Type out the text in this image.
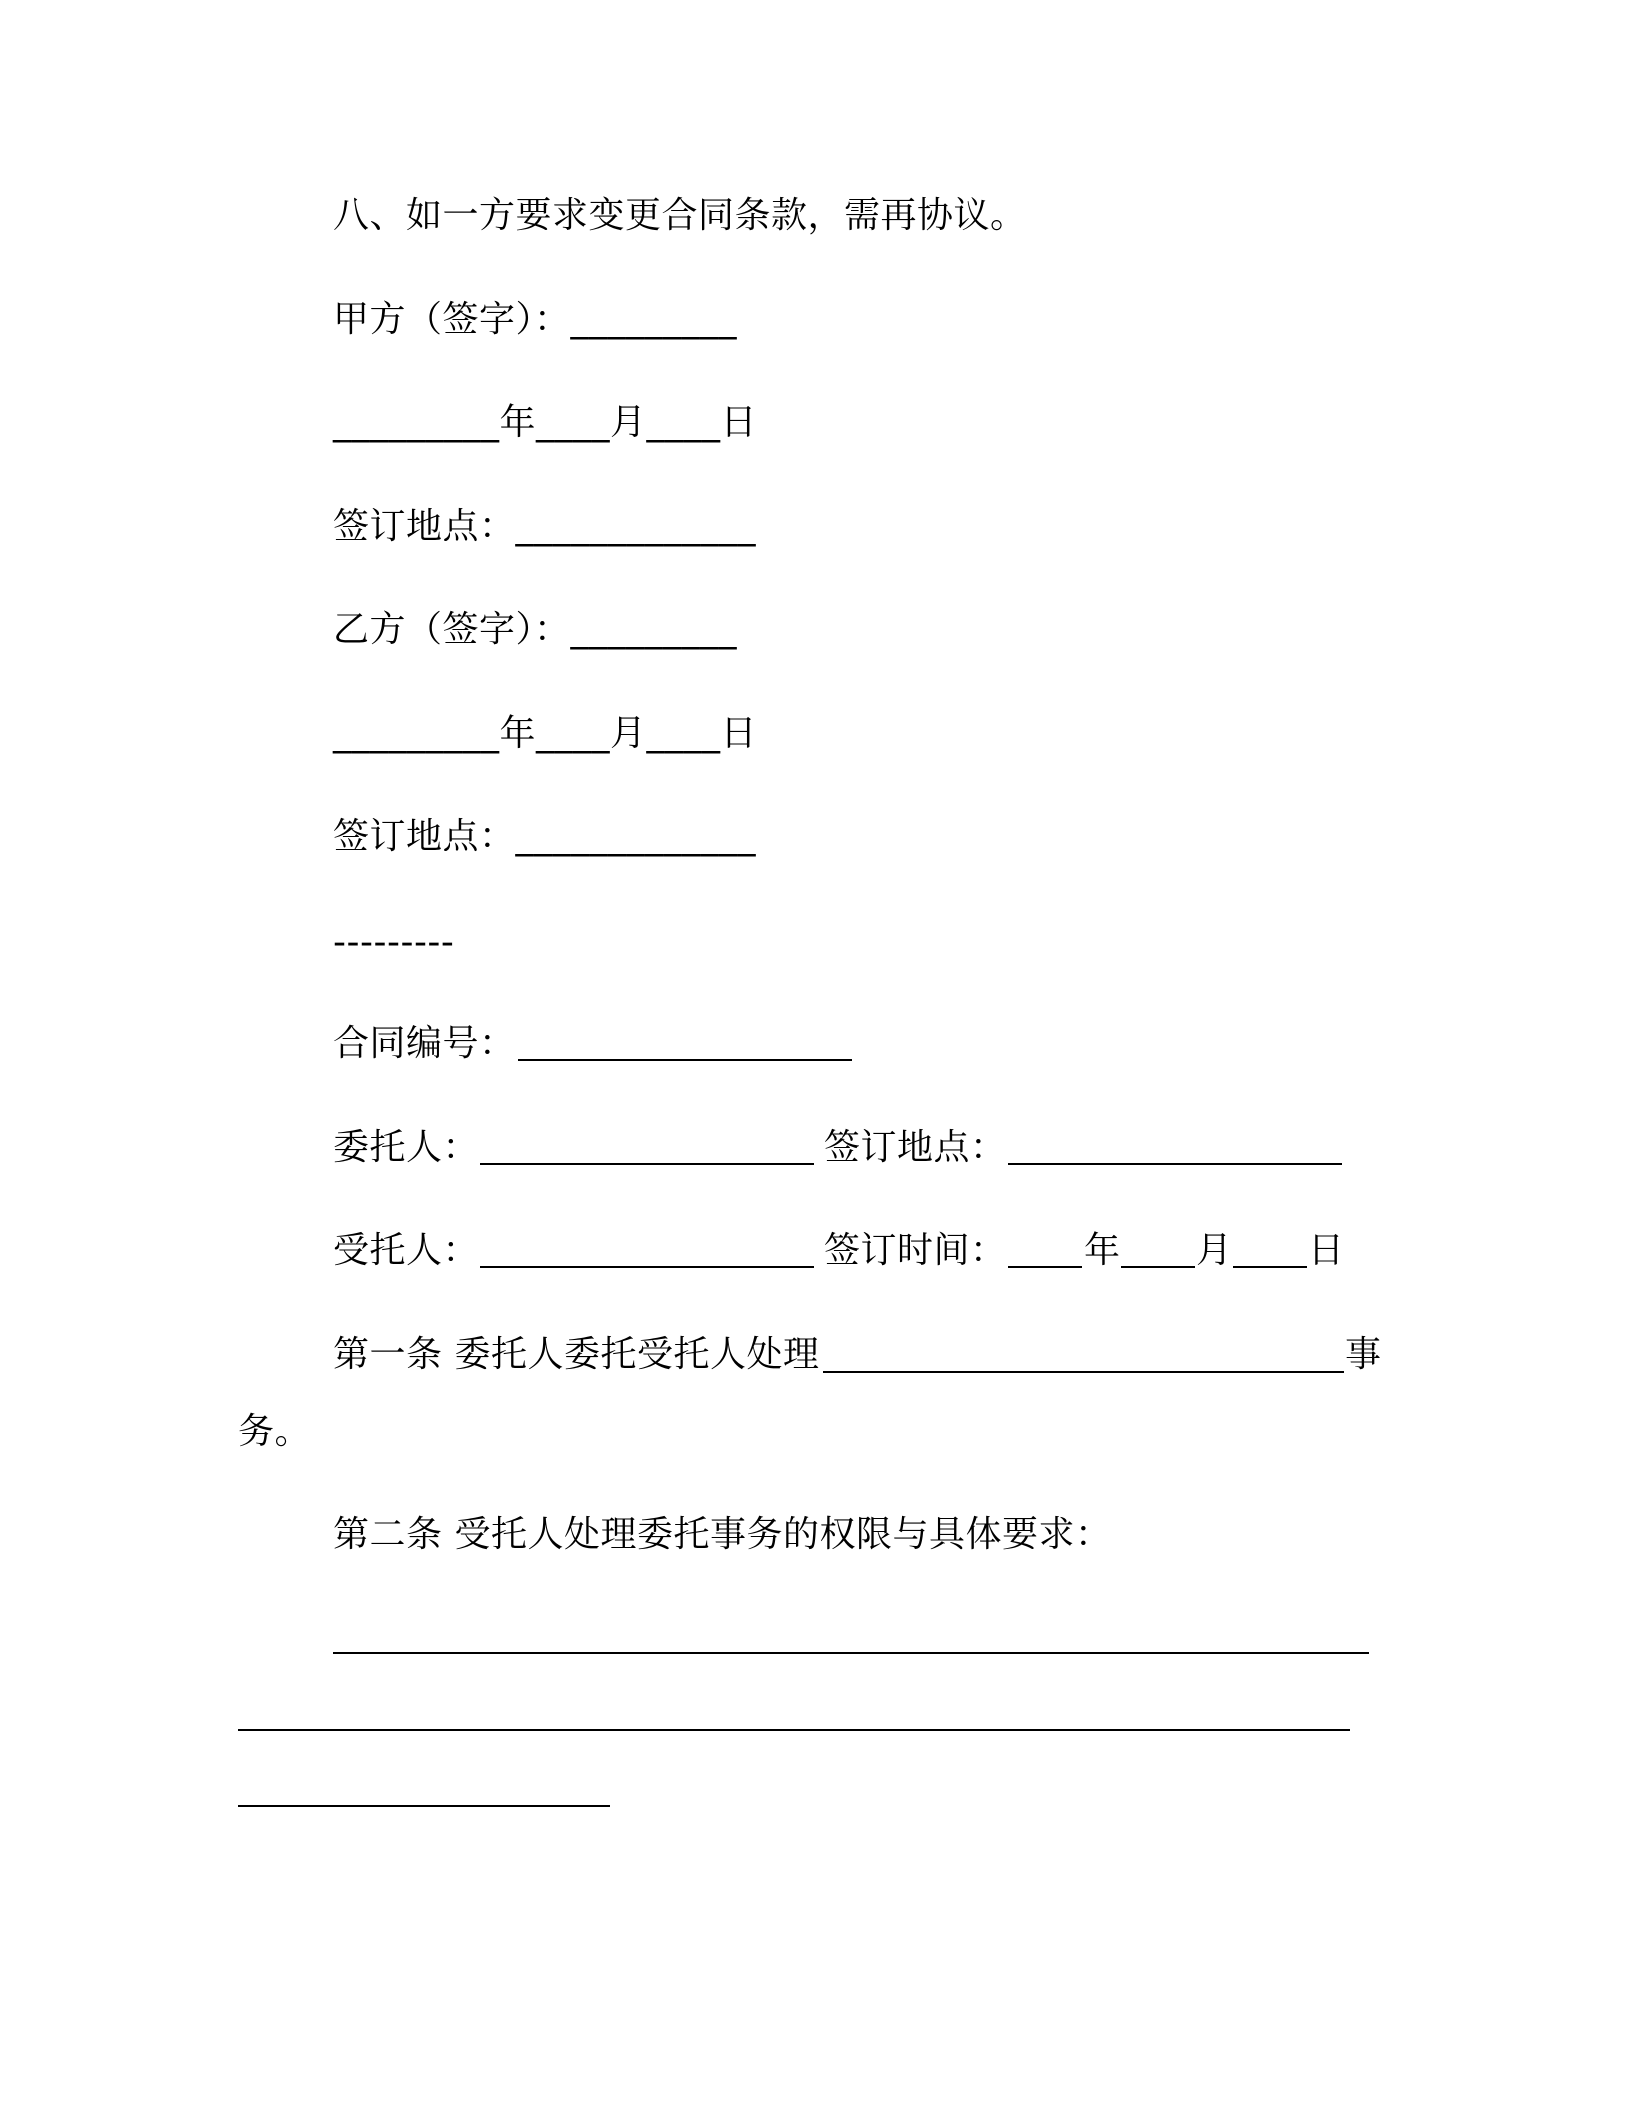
八、如一方要求变更合同条款，需再协议。
甲方（签字）：_________
_________年____月____日
签订地点：_____________
乙方（签字）：_________
_________年____月____日
签订地点：_____________
---------
合同编号：
委托人：	签订地点：
受托人：	签订时间： 年 月 日
第一条 委托人委托受托人处理	事
务。
第二条 受托人处理委托事务的权限与具体要求：
